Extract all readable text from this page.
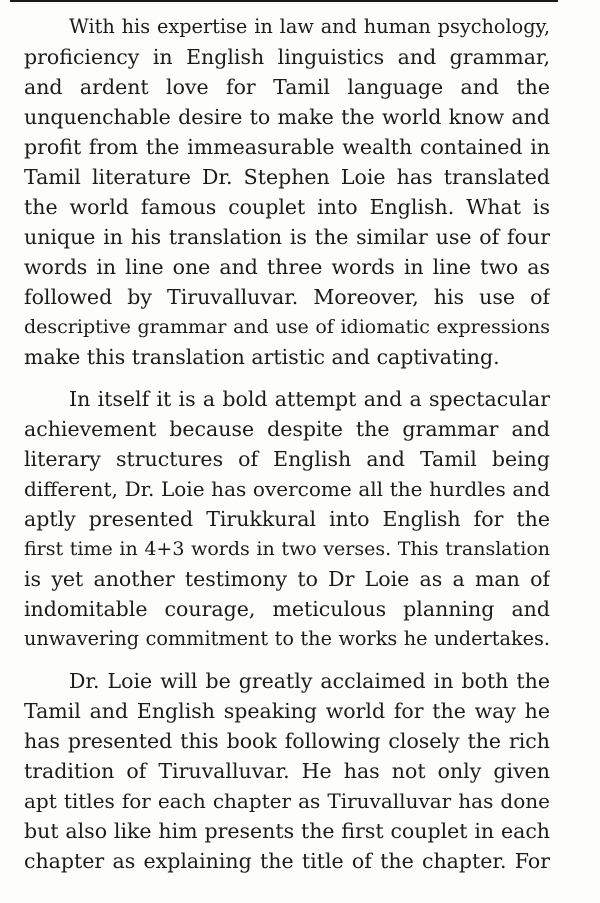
With his expertise in law and human psychology,
proficiency in English linguistics and grammar,
and ardent love for Tamil language and the
unquenchable desire to make the world know and
profit from the immeasurable wealth contained in
Tamil literature Dr. Stephen Loie has translated
the world famous couplet into English. What is
unique in his translation is the similar use of four
words in line one and three words in line two as
followed by Tiruvalluvar. Moreover, his use of
descriptive grammar and use of idiomatic expressions
make this translation artistic and captivating.
In itself it is a bold attempt and a spectacular
achievement because despite the grammar and
literary structures of English and Tamil being
different, Dr. Loie has overcome all the hurdles and
aptly presented Tirukkural into English for the
first time in 4+3 words in two verses. This translation
is yet another testimony to Dr Loie as a man of
indomitable courage, meticulous planning and
unwavering commitment to the works he undertakes.
Dr. Loie will be greatly acclaimed in both the
Tamil and English speaking world for the way he
has presented this book following closely the rich
tradition of Tiruvalluvar. He has not only given
apt titles for each chapter as Tiruvalluvar has done
but also like him presents the first couplet in each
chapter as explaining the title of the chapter. For
